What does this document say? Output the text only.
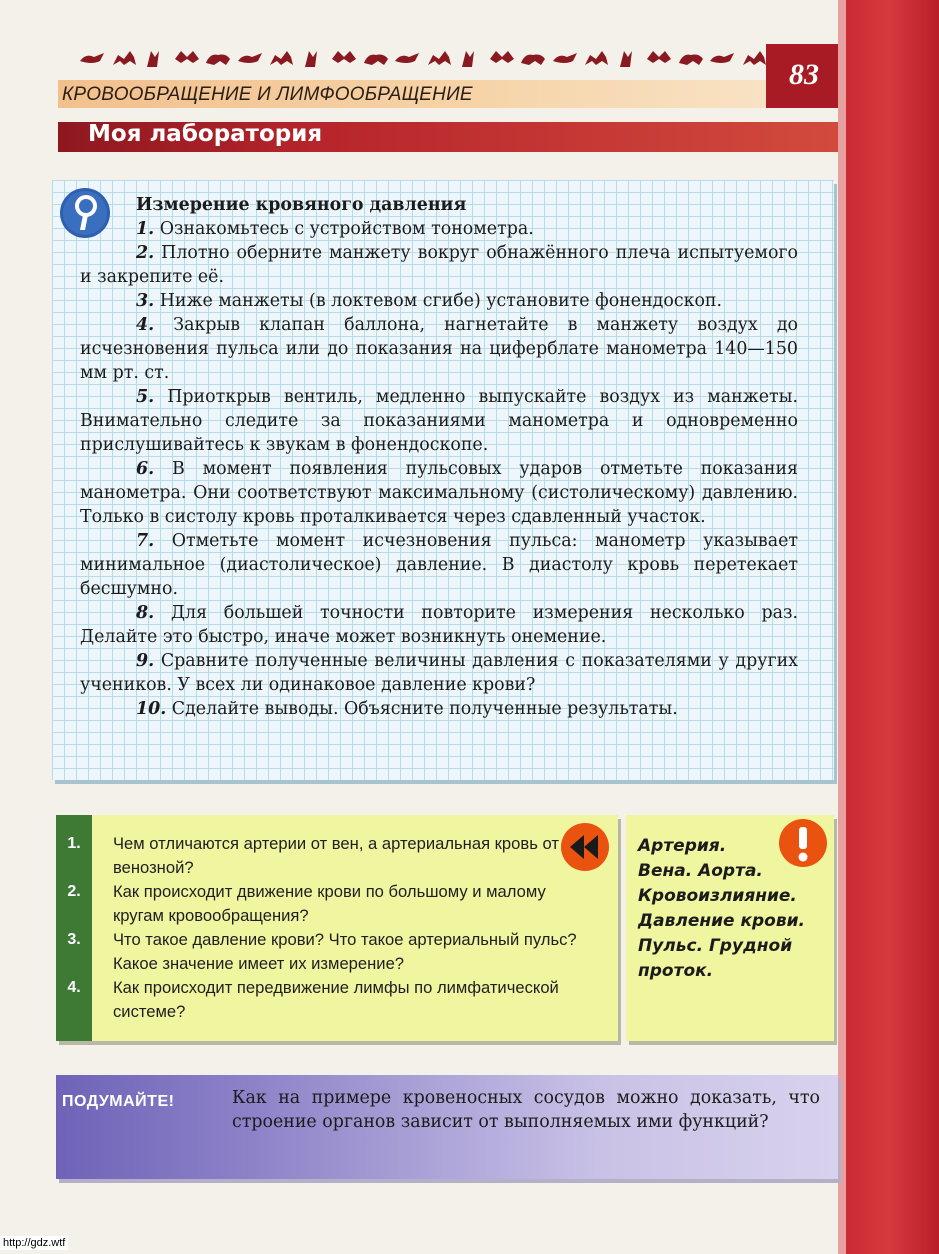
КРОВООБРАЩЕНИЕ И ЛИМФООБРАЩЕНИЕ
83
Моя лаборатория

Измерение кровяного давления

1. Ознакомьтесь с устройством тонометра.

2. Плотно оберните манжету вокруг обнажённого плеча испытуемого и закрепите её.

3. Ниже манжеты (в локтевом сгибе) установите фонендоскоп.

4. Закрыв клапан баллона, нагнетайте в манжету воздух до исчезновения пульса или до показания на циферблате манометра 140—150 мм рт. ст.

5. Приоткрыв вентиль, медленно выпускайте воздух из манжеты. Внимательно следите за показаниями манометра и одновременно прислушивайтесь к звукам в фонендоскопе.

6. В момент появления пульсовых ударов отметьте показания манометра. Они соответствуют максимальному (систолическому) давлению. Только в систолу кровь проталкивается через сдавленный участок.

7. Отметьте момент исчезновения пульса: манометр указывает минимальное (диастолическое) давление. В диастолу кровь перетекает бесшумно.

8. Для большей точности повторите измерения несколько раз. Делайте это быстро, иначе может возникнуть онемение.

9. Сравните полученные величины давления с показателями у других учеников. У всех ли одинаковое давление крови?

10. Сделайте выводы. Объясните полученные результаты.

1.	Чем отличаются артерии от вен, а артериальная кровь от венозной?
2.	Как происходит движение крови по большому и малому кругам кровообращения?
3.	Что такое давление крови? Что такое артериальный пульс? Какое значение имеет их измерение?
4.	Как происходит передвижение лимфы по лимфатической системе?
Артерия.
Вена. Аорта.
Кровоизлияние.
Давление крови.
Пульс. Грудной
проток.
ПОДУМАЙТЕ!	Как на примере кровеносных сосудов можно доказать, что строение органов зависит от выполняемых ими функций?

http://gdz.wtf
